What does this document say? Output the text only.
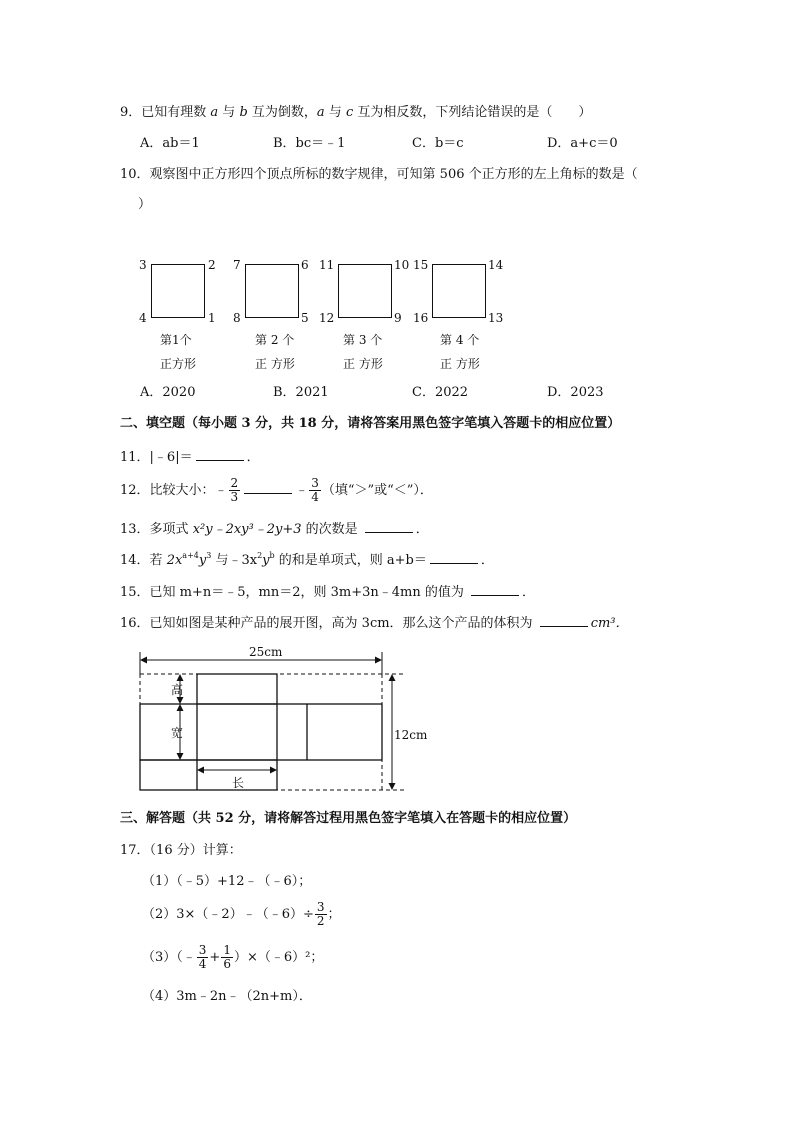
9．已知有理数 a 与 b 互为倒数，a 与 c 互为相反数，下列结论错误的是（　　）
A．ab＝1	B．bc＝﹣1	C．b＝c	D．a+c＝0
10．观察图中正方形四个顶点所标的数字规律，可知第 506 个正方形的左上角标的数是（
）
3	2
4	1
第1个
正方形
7	6
8	5
第 2 个
正 方形
11	10
12	9
第 3 个
正 方形
15	14
16	13
第 4 个
正 方形
A．2020	B．2021	C．2022	D．2023
二、填空题（每小题 3 分，共 18 分，请将答案用黑色签字笔填入答题卡的相应位置）
11．|﹣6|＝	．
12．比较大小：﹣ $\frac{2}{3}$	﹣ $\frac{3}{4}$ （填“＞”或“＜”）．
13．多项式 x²y﹣2xy³﹣2y+3 的次数是	．
14．若 $2x^{a+4}y^3$ 与$﹣3x^2y^b$ 的和是单项式，则 a+b＝	．
15．已知 m+n＝﹣5，mn＝2，则 3m+3n﹣4mn 的值为	．
16．已知如图是某种产品的展开图，高为 3cm．那么这个产品的体积为	cm³．
25cm
12cm
高
宽
长
三、解答题（共 52 分，请将解答过程用黑色签字笔填入在答题卡的相应位置）
17．（16 分）计算：
（1）（﹣5）+12﹣（﹣6）；
（2）3×（﹣2）﹣（﹣6）÷ $\frac{3}{2}$ ；
（3）（﹣ $\frac{3}{4} + \frac{1}{6}$ ）×（﹣6）²；
（4）3m﹣2n﹣（2n+m）．
